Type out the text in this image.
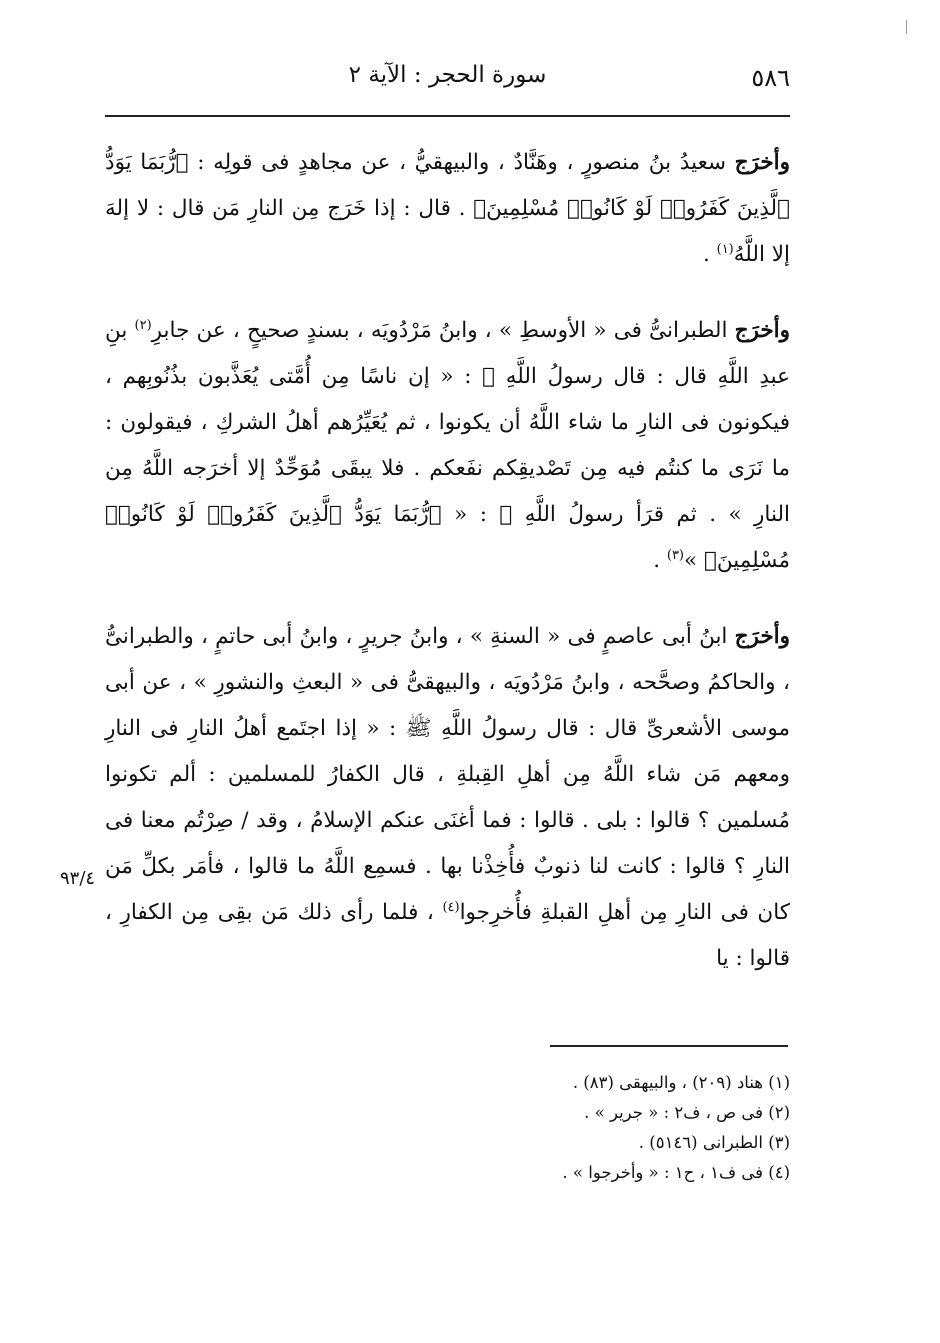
٥٨٦
سورة الحجر : الآية ٢

وأخرَج سعيدُ بنُ منصورٍ ، وهَنَّادٌ ، والبيهقيُّ ، عن مجاهدٍ فى قولِه : ﴿رُّبَمَا يَوَدُّ ٱلَّذِينَ كَفَرُوا۟ لَوْ كَانُوا۟ مُسْلِمِينَ﴾ . قال : إذا خَرَج مِن النارِ مَن قال : لا إلهَ إلا اللَّهُ$^{(١)}$ .

وأخرَج الطبرانىُّ فى « الأوسطِ » ، وابنُ مَرْدُويَه ، بسندٍ صحيحٍ ، عن جابرِ$^{(٢)}$ بنِ عبدِ اللَّهِ قال : قال رسولُ اللَّهِ ﷺ : « إن ناسًا مِن أُمَّتى يُعَذَّبون بذُنُوبِهم ، فيكونون فى النارِ ما شاء اللَّهُ أن يكونوا ، ثم يُعَيِّرُهم أهلُ الشركِ ، فيقولون : ما نَرَى ما كنتُم فيه مِن تَصْديقِكم نفَعكم . فلا يبقَى مُوَحِّدٌ إلا أخرَجه اللَّهُ مِن النارِ » . ثم قرَأ رسولُ اللَّهِ ﷺ : « ﴿رُّبَمَا يَوَدُّ ٱلَّذِينَ كَفَرُوا۟ لَوْ كَانُوا۟ مُسْلِمِينَ﴾ »$^{(٣)}$ .

وأخرَج ابنُ أبى عاصمٍ فى « السنةِ » ، وابنُ جريرٍ ، وابنُ أبى حاتمٍ ، والطبرانىُّ ، والحاكمُ وصحَّحه ، وابنُ مَرْدُويَه ، والبيهقىُّ فى « البعثِ والنشورِ » ، عن أبى موسى الأشعرىِّ قال : قال رسولُ اللَّهِ ﷺ : « إذا اجتَمع أهلُ النارِ فى النارِ ومعهم مَن شاء اللَّهُ مِن أهلِ القِبلةِ ، قال الكفارُ للمسلمين : ألم تكونوا مُسلمين ؟ قالوا : بلى . قالوا : فما أغنَى عنكم الإسلامُ ، وقد / صِرْتُم معنا فى النارِ ؟ قالوا : كانت لنا ذنوبٌ فأُخِذْنا بها . فسمِع اللَّهُ ما قالوا ، فأمَر بكلِّ مَن كان فى النارِ مِن أهلِ القبلةِ فأُخرِجوا$^{(٤)}$ ، فلما رأى ذلك مَن بقِى مِن الكفارِ ، قالوا : يا

٩٣/٤

(١) هناد (٢٠٩) ، والبيهقى (٨٣) .

(٢) فى ص ، ف٢ : « جرير » .

(٣) الطبرانى (٥١٤٦) .

(٤) فى ف١ ، ح١ : « وأخرجوا » .
